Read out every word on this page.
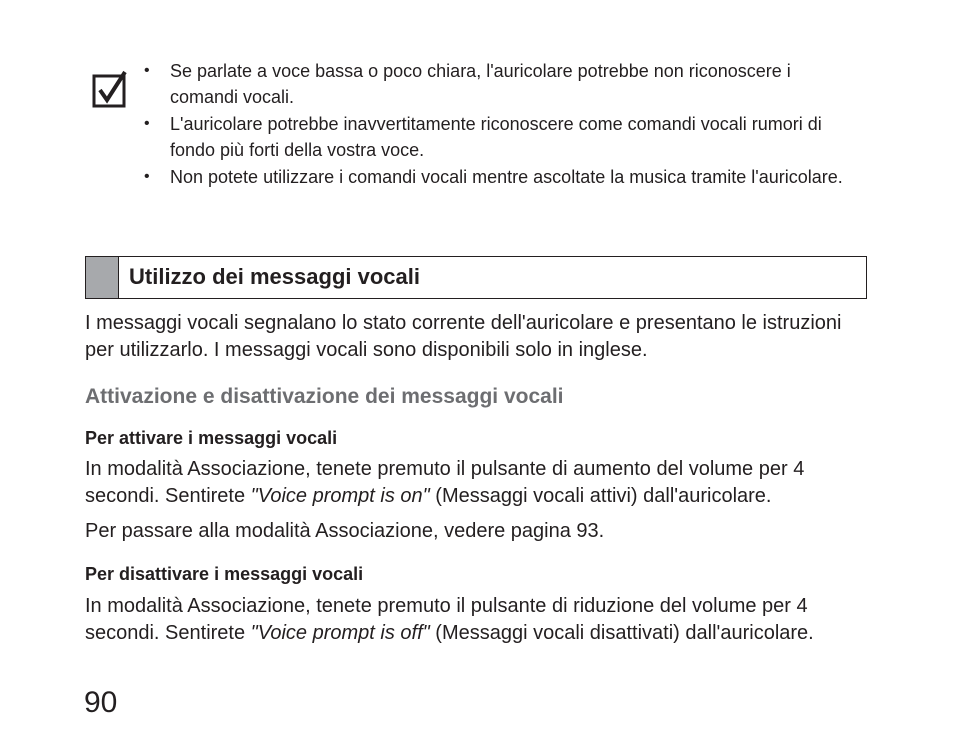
• Se parlate a voce bassa o poco chiara, l'auricolare potrebbe non riconoscere i comandi vocali.
• L'auricolare potrebbe inavvertitamente riconoscere come comandi vocali rumori di fondo più forti della vostra voce.
• Non potete utilizzare i comandi vocali mentre ascoltate la musica tramite l'auricolare.
Utilizzo dei messaggi vocali

I messaggi vocali segnalano lo stato corrente dell'auricolare e presentano le istruzioni per utilizzarlo. I messaggi vocali sono disponibili solo in inglese.

Attivazione e disattivazione dei messaggi vocali
Per attivare i messaggi vocali

In modalità Associazione, tenete premuto il pulsante di aumento del volume per 4 secondi. Sentirete "Voice prompt is on" (Messaggi vocali attivi) dall'auricolare.

Per passare alla modalità Associazione, vedere pagina 93.

Per disattivare i messaggi vocali

In modalità Associazione, tenete premuto il pulsante di riduzione del volume per 4 secondi. Sentirete "Voice prompt is off" (Messaggi vocali disattivati) dall'auricolare.

90
